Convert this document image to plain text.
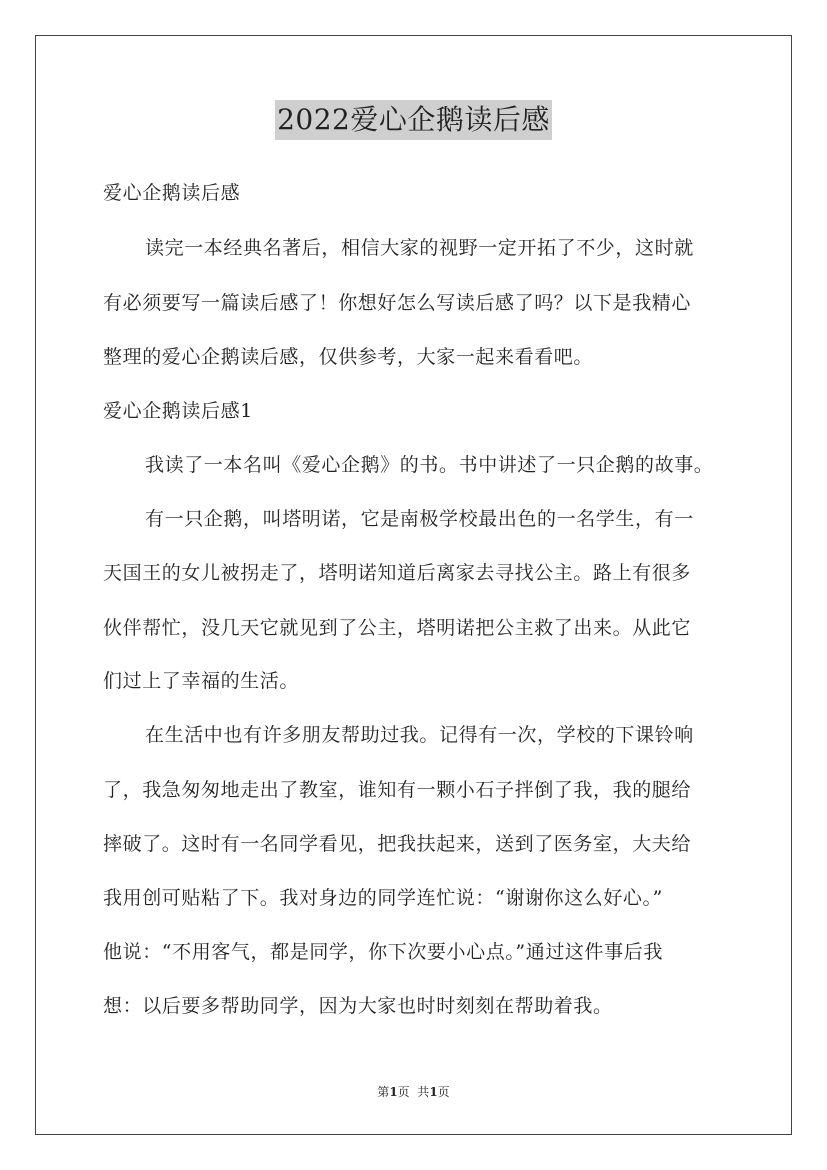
2022爱心企鹅读后感
爱心企鹅读后感
读完一本经典名著后，相信大家的视野一定开拓了不少，这时就
有必须要写一篇读后感了！你想好怎么写读后感了吗？以下是我精心
整理的爱心企鹅读后感，仅供参考，大家一起来看看吧。
爱心企鹅读后感1
我读了一本名叫《爱心企鹅》的书。书中讲述了一只企鹅的故事。
有一只企鹅，叫塔明诺，它是南极学校最出色的一名学生，有一
天国王的女儿被拐走了，塔明诺知道后离家去寻找公主。路上有很多
伙伴帮忙，没几天它就见到了公主，塔明诺把公主救了出来。从此它
们过上了幸福的生活。
在生活中也有许多朋友帮助过我。记得有一次，学校的下课铃响
了，我急匆匆地走出了教室，谁知有一颗小石子拌倒了我，我的腿给
摔破了。这时有一名同学看见，把我扶起来，送到了医务室，大夫给
我用创可贴粘了下。我对身边的同学连忙说：“谢谢你这么好心。”
他说：“不用客气，都是同学，你下次要小心点。”通过这件事后我
想：以后要多帮助同学，因为大家也时时刻刻在帮助着我。
第1页  共1页
